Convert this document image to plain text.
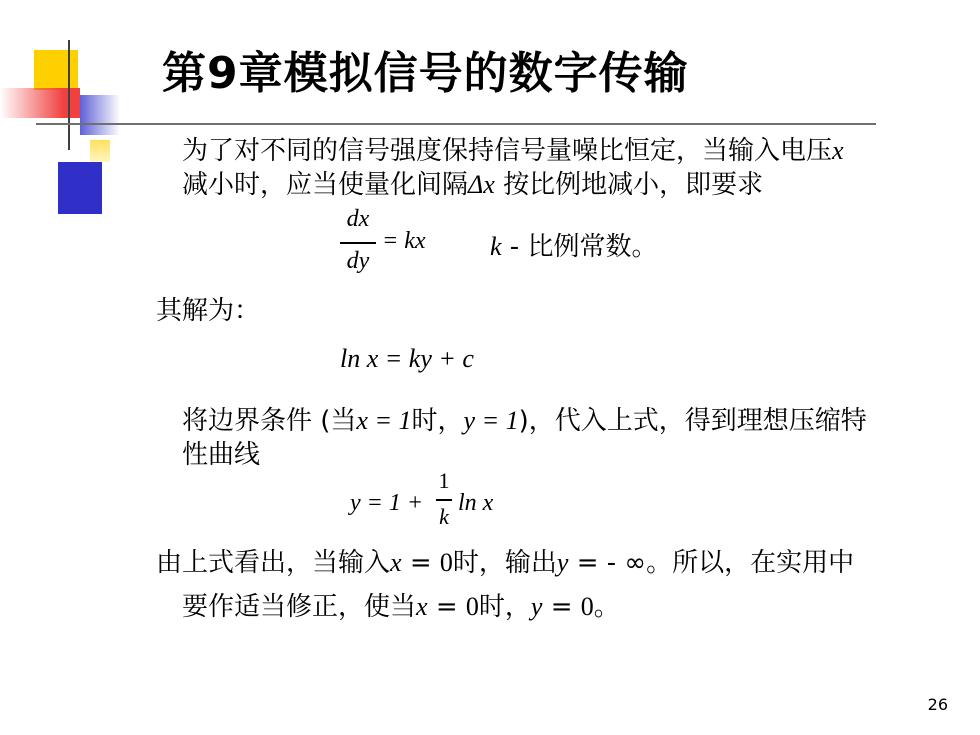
第9章模拟信号的数字传输
为了对不同的信号强度保持信号量噪比恒定，当输入电压x
减小时，应当使量化间隔Δx 按比例地减小，即要求
dx
dy
= kx k - 比例常数。
其解为：
ln x = ky + c
将边界条件 (当x = 1时，y = 1)，代入上式，得到理想压缩特
性曲线
y = 1 +
1
k
ln x
由上式看出，当输入x = 0时，输出y = - ∞。所以，在实用中
要作适当修正，使当x = 0时，y = 0。
26
